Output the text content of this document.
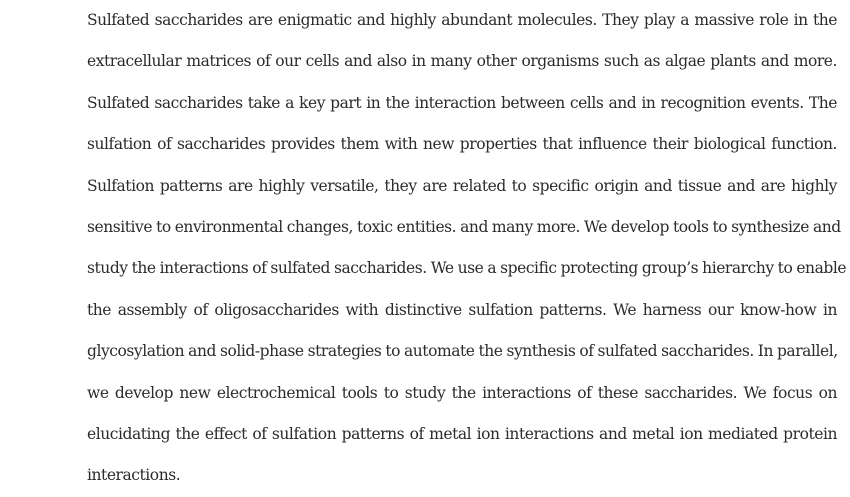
Sulfated saccharides are enigmatic and highly abundant molecules. They play a massive role in the
extracellular matrices of our cells and also in many other organisms such as algae plants and more.
Sulfated saccharides take a key part in the interaction between cells and in recognition events. The
sulfation of saccharides provides them with new properties that influence their biological function.
Sulfation patterns are highly versatile, they are related to specific origin and tissue and are highly
sensitive to environmental changes, toxic entities. and many more. We develop tools to synthesize and
study the interactions of sulfated saccharides. We use a specific protecting group’s hierarchy to enable
the assembly of oligosaccharides with distinctive sulfation patterns. We harness our know-how in
glycosylation and solid-phase strategies to automate the synthesis of sulfated saccharides. In parallel,
we develop new electrochemical tools to study the interactions of these saccharides. We focus on
elucidating the effect of sulfation patterns of metal ion interactions and metal ion mediated protein
interactions.
